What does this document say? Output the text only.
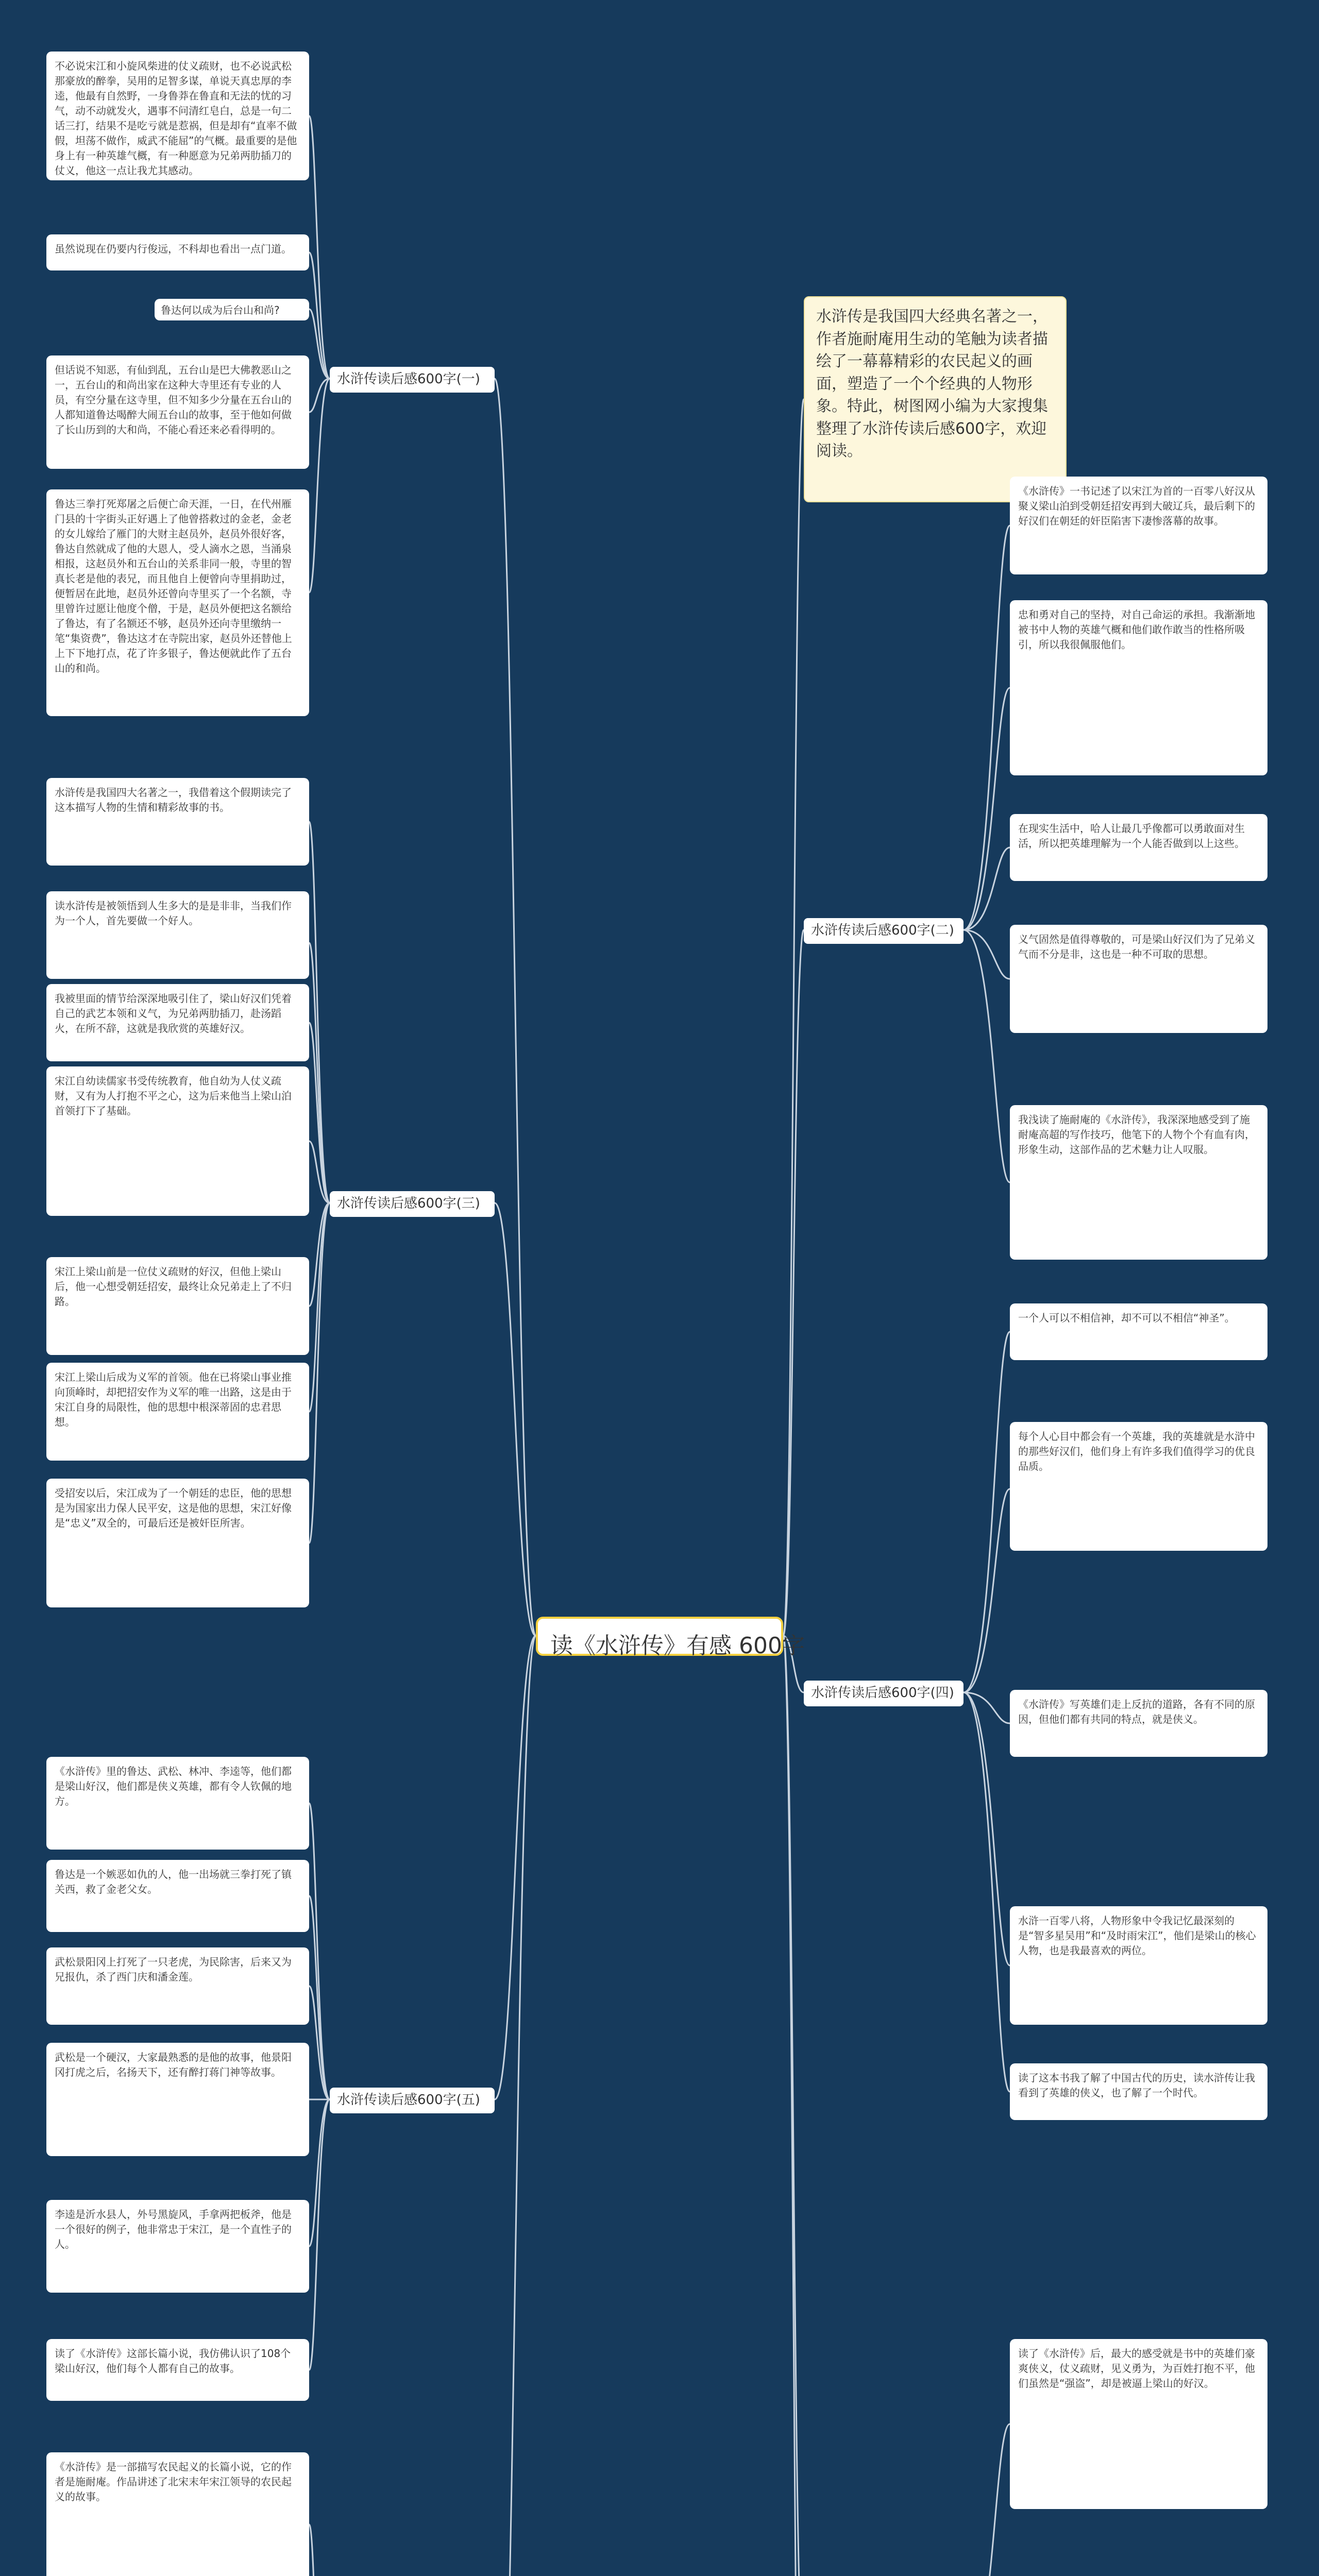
读《水浒传》有感 600字
水浒传是我国四大经典名著之一，作者施耐庵用生动的笔触为读者描绘了一幕幕精彩的农民起义的画面，塑造了一个个经典的人物形象。特此，树图网小编为大家搜集整理了水浒传读后感600字，欢迎阅读。
水浒传读后感600字(一)
水浒传读后感600字(三)
水浒传读后感600字(五)
水浒传读后感600字(二)
水浒传读后感600字(四)
不必说宋江和小旋风柴进的仗义疏财，也不必说武松那豪放的醉拳，吴用的足智多谋，单说天真忠厚的李逵，他最有自然野，一身鲁莽在鲁直和无法的忧的习气，动不动就发火，遇事不问清红皂白，总是一句二话三打，结果不是吃亏就是惹祸，但是却有“直率不做假，坦荡不做作，威武不能屈”的气概。最重要的是他身上有一种英雄气概，有一种愿意为兄弟两肋插刀的仗义，他这一点让我尤其感动。
虽然说现在仍要内行俊远，不科却也看出一点门道。
鲁达何以成为后台山和尚?
但话说不知恶，有仙到乱，五台山是巴大佛教恶山之一，五台山的和尚出家在这种大寺里还有专业的人员，有空分量在这寺里，但不知多少分量在五台山的人都知道鲁达喝醉大闹五台山的故事，至于他如何做了长山历到的大和尚，不能心看还来必看得明的。
鲁达三拳打死郑屠之后便亡命天涯，一日，在代州雁门县的十字街头正好遇上了他曾搭救过的金老，金老的女儿嫁给了雁门的大财主赵员外，赵员外很好客，鲁达自然就成了他的大恩人，受人滴水之恩，当涌泉相报，这赵员外和五台山的关系非同一般，寺里的智真长老是他的表兄，而且他自上便曾向寺里捐助过，便暂居在此地，赵员外还曾向寺里买了一个名额，寺里曾许过愿让他度个僧，于是，赵员外便把这名额给了鲁达，有了名额还不够，赵员外还向寺里缴纳一笔“集资费”，鲁达这才在寺院出家，赵员外还替他上上下下地打点，花了许多银子，鲁达便就此作了五台山的和尚。
水浒传是我国四大名著之一，我借着这个假期读完了这本描写人物的生情和精彩故事的书。
读水浒传是被领悟到人生多大的是是非非，当我们作为一个人，首先要做一个好人。
我被里面的情节给深深地吸引住了，梁山好汉们凭着自己的武艺本领和义气，为兄弟两肋插刀，赴汤蹈火，在所不辞，这就是我欣赏的英雄好汉。
宋江自幼读儒家书受传统教育，他自幼为人仗义疏财，又有为人打抱不平之心，这为后来他当上梁山泊首领打下了基础。
宋江上梁山前是一位仗义疏财的好汉，但他上梁山后，他一心想受朝廷招安，最终让众兄弟走上了不归路。
宋江上梁山后成为义军的首领。他在已将梁山事业推向顶峰时，却把招安作为义军的唯一出路，这是由于宋江自身的局限性，他的思想中根深蒂固的忠君思想。
受招安以后，宋江成为了一个朝廷的忠臣，他的思想是为国家出力保人民平安，这是他的思想，宋江好像是“忠义”双全的，可最后还是被奸臣所害。
《水浒传》里的鲁达、武松、林冲、李逵等，他们都是梁山好汉，他们都是侠义英雄，都有令人钦佩的地方。
鲁达是一个嫉恶如仇的人，他一出场就三拳打死了镇关西，救了金老父女。
武松景阳冈上打死了一只老虎，为民除害，后来又为兄报仇，杀了西门庆和潘金莲。
武松是一个硬汉，大家最熟悉的是他的故事，他景阳冈打虎之后，名扬天下，还有醉打蒋门神等故事。
李逵是沂水县人，外号黑旋风，手拿两把板斧，他是一个很好的例子，他非常忠于宋江，是一个直性子的人。
读了《水浒传》这部长篇小说，我仿佛认识了108个梁山好汉，他们每个人都有自己的故事。
《水浒传》是一部描写农民起义的长篇小说，它的作者是施耐庵。作品讲述了北宋末年宋江领导的农民起义的故事。
《水浒传》一书记述了以宋江为首的一百零八好汉从聚义梁山泊到受朝廷招安再到大破辽兵，最后剩下的好汉们在朝廷的奸臣陷害下凄惨落幕的故事。
忠和勇对自己的坚持，对自己命运的承担。我渐渐地被书中人物的英雄气概和他们敢作敢当的性格所吸引，所以我很佩服他们。
在现实生活中，哈人让最几乎像都可以勇敢面对生活，所以把英雄理解为一个人能否做到以上这些。
义气固然是值得尊敬的，可是梁山好汉们为了兄弟义气而不分是非，这也是一种不可取的思想。
我浅读了施耐庵的《水浒传》，我深深地感受到了施耐庵高超的写作技巧，他笔下的人物个个有血有肉，形象生动，这部作品的艺术魅力让人叹服。
一个人可以不相信神，却不可以不相信“神圣”。
每个人心目中都会有一个英雄，我的英雄就是水浒中的那些好汉们，他们身上有许多我们值得学习的优良品质。
《水浒传》写英雄们走上反抗的道路，各有不同的原因，但他们都有共同的特点，就是侠义。
水浒一百零八将，人物形象中令我记忆最深刻的是“智多星吴用”和“及时雨宋江”，他们是梁山的核心人物，也是我最喜欢的两位。
读了这本书我了解了中国古代的历史，读水浒传让我看到了英雄的侠义，也了解了一个时代。
读了《水浒传》后，最大的感受就是书中的英雄们豪爽侠义，仗义疏财，见义勇为，为百姓打抱不平，他们虽然是“强盗”，却是被逼上梁山的好汉。
